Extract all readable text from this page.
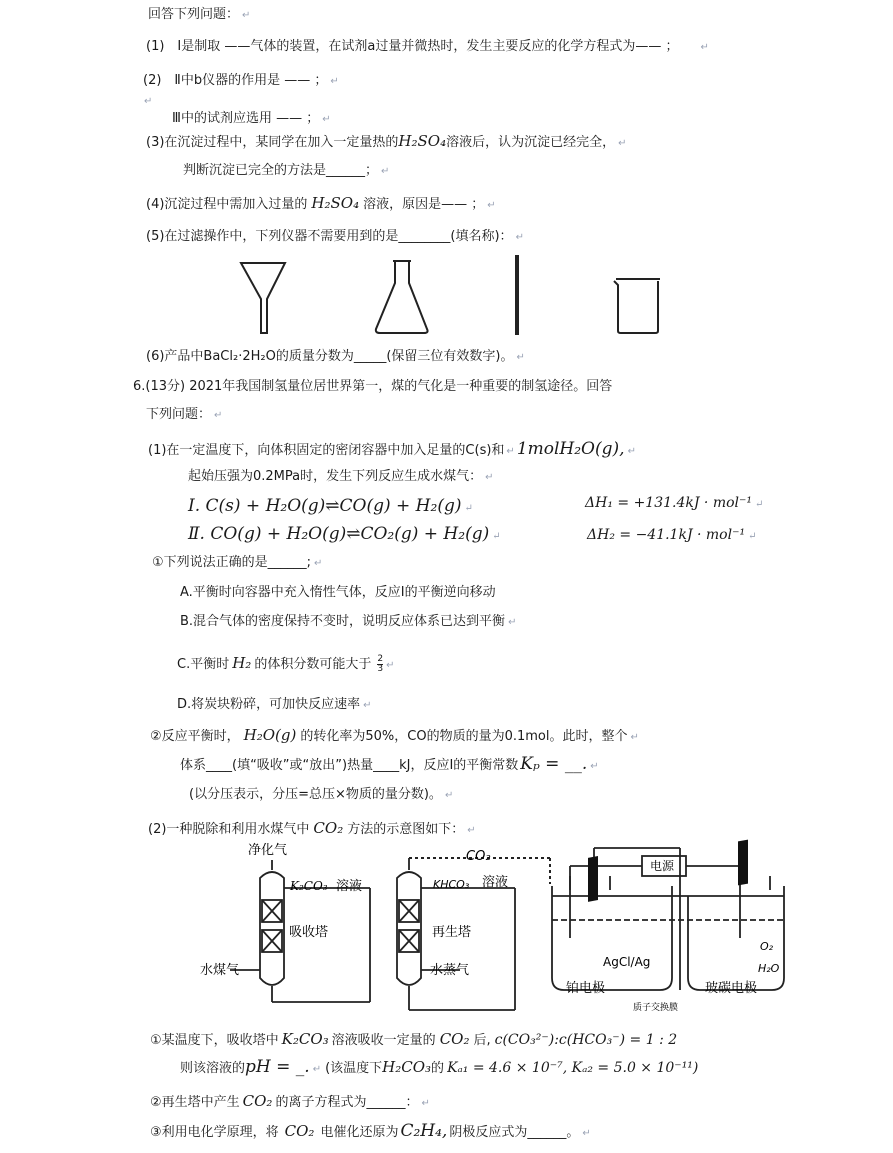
回答下列问题： ↵
(1)　Ⅰ是制取 ——气体的装置，在试剂a过量并微热时，发生主要反应的化学方程式为—— ； ↵
(2)　Ⅱ中b仪器的作用是 —— ； ↵
↵
Ⅲ中的试剂应选用 —— ； ↵
(3)在沉淀过程中，某同学在加入一定量热的H₂SO₄溶液后，认为沉淀已经完全， ↵
判断沉淀已完全的方法是______； ↵
(4)沉淀过程中需加入过量的 H₂SO₄ 溶液，原因是—— ； ↵
(5)在过滤操作中，下列仪器不需要用到的是________(填名称)： ↵
(6)产品中BaCl₂·2H₂O的质量分数为_____(保留三位有效数字)。 ↵
6.(13分) 2021年我国制氢量位居世界第一，煤的气化是一种重要的制氢途径。回答
下列问题： ↵
(1)在一定温度下，向体积固定的密闭容器中加入足量的C(s)和 ↵ 1molH₂O(g), ↵
起始压强为0.2MPa时，发生下列反应生成水煤气： ↵
Ⅰ. C(s) + H₂O(g)⇌CO(g) + H₂(g) ↵	ΔH₁ = +131.4kJ · mol⁻¹ ↵
Ⅱ. CO(g) + H₂O(g)⇌CO₂(g) + H₂(g) ↵	ΔH₂ = −41.1kJ · mol⁻¹ ↵
①下列说法正确的是______; ↵
A.平衡时向容器中充入惰性气体，反应Ⅰ的平衡逆向移动
B.混合气体的密度保持不变时，说明反应体系已达到平衡 ↵
C.平衡时 H₂ 的体积分数可能大于 $\frac{2}{3}$ ↵
D.将炭块粉碎，可加快反应速率 ↵
②反应平衡时， H₂O(g) 的转化率为50%，CO的物质的量为0.1mol。此时，整个 ↵
体系____(填“吸收”或“放出”)热量____kJ，反应Ⅰ的平衡常数 Kₚ = __. ↵
(以分压表示，分压=总压×物质的量分数)。 ↵
(2)一种脱除和利用水煤气中 CO₂ 方法的示意图如下： ↵
净化气
K₂CO₃ 溶液
吸收塔
水煤气
CO₂
KHCO₃ 溶液
再生塔
水蒸气
电源
AgCl/Ag
铂电极
O₂
H₂O
玻碳电极
质子交换膜
①某温度下，吸收塔中 K₂CO₃ 溶液吸收一定量的 CO₂ 后, c(CO₃²⁻):c(HCO₃⁻) = 1 : 2
则该溶液的pH = _. ↵ (该温度下H₂CO₃的 Kₐ₁ = 4.6 × 10⁻⁷, Kₐ₂ = 5.0 × 10⁻¹¹)
②再生塔中产生 CO₂ 的离子方程式为______： ↵
③利用电化学原理，将 CO₂ 电催化还原为 C₂H₄, 阴极反应式为______。 ↵
